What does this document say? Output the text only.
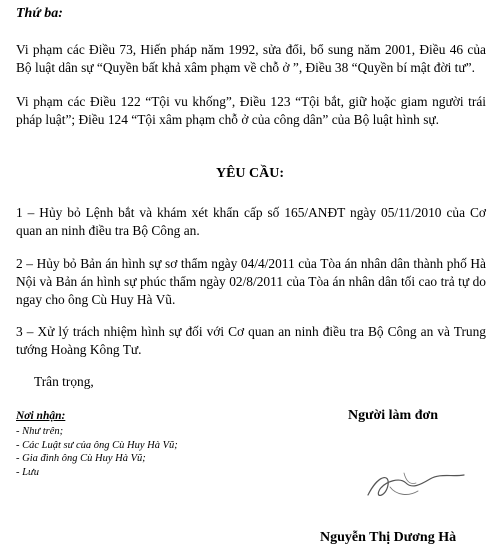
Thứ ba:
Vi phạm các Điều 73, Hiến pháp năm 1992, sửa đổi, bổ sung năm 2001, Điều 46 của Bộ luật dân sự “Quyền bất khả xâm phạm về chỗ ở ”, Điều 38 “Quyền bí mật đời tư”.
Vi phạm các Điều 122 “Tội vu khống”, Điều 123 “Tội bắt, giữ hoặc giam người trái pháp luật”; Điều 124 “Tội xâm phạm chỗ ở của công dân” của Bộ luật hình sự.
YÊU CẦU:
1 – Hủy bỏ Lệnh bắt và khám xét khẩn cấp số 165/ANĐT ngày 05/11/2010 của Cơ quan an ninh điều tra Bộ Công an.
2 – Hủy bỏ Bản án hình sự sơ thẩm ngày 04/4/2011 của Tòa án nhân dân thành phố Hà Nội và Bản án hình sự phúc thẩm ngày 02/8/2011 của Tòa án nhân dân tối cao trả tự do ngay cho ông Cù Huy Hà Vũ.
3 – Xử lý trách nhiệm hình sự đối với Cơ quan an ninh điều tra Bộ Công an và Trung tướng Hoàng Kông Tư.
Trân trọng,
Nơi nhận:
- Như trên;
- Các Luật sư của ông Cù Huy Hà Vũ;
- Gia đình ông Cù Huy Hà Vũ;
- Lưu
Người làm đơn
Nguyễn Thị Dương Hà
